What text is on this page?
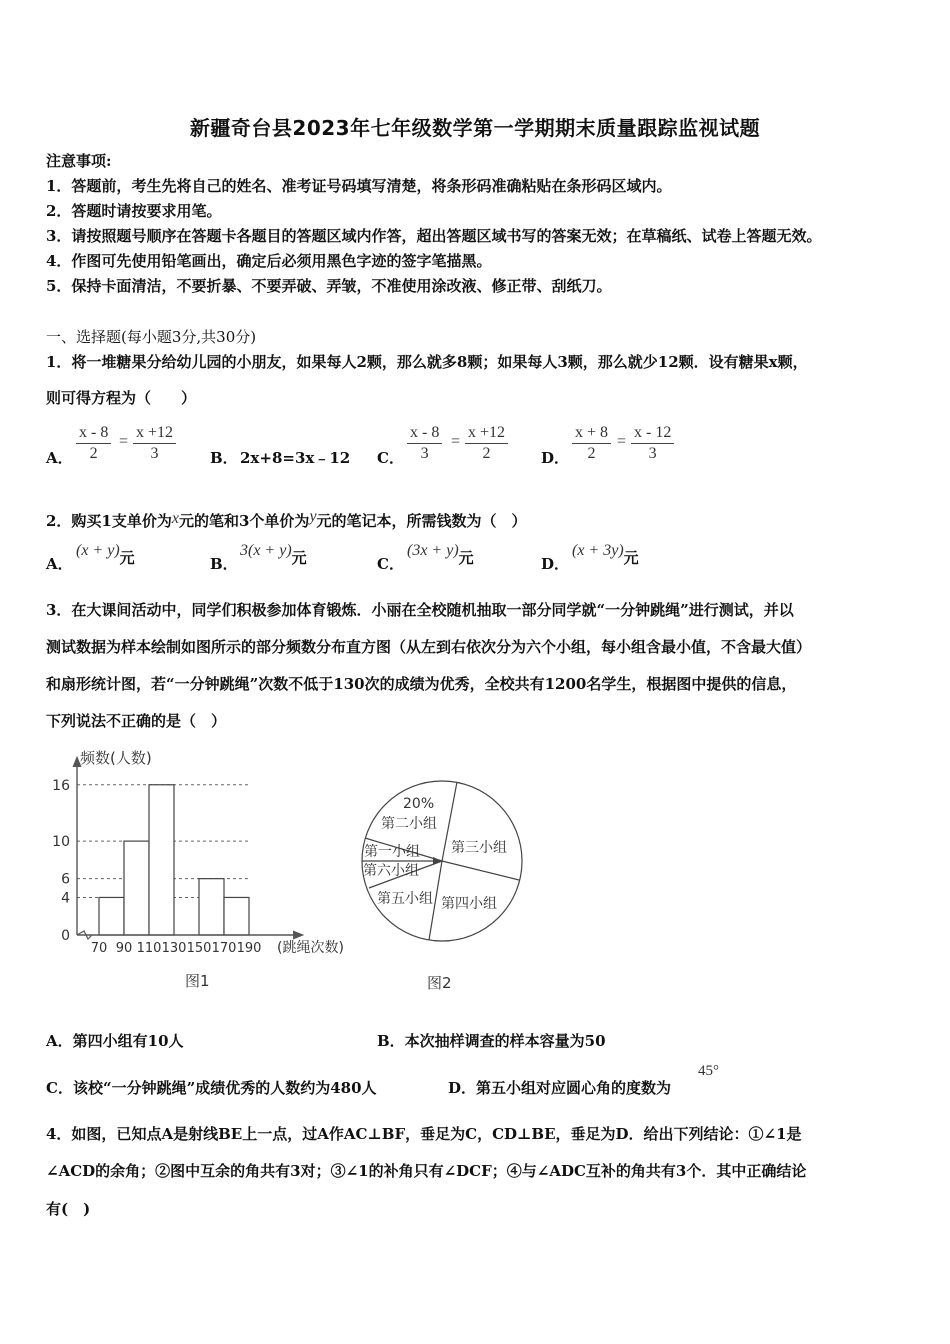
新疆奇台县2023年七年级数学第一学期期末质量跟踪监视试题
注意事项:
1．答题前，考生先将自己的姓名、准考证号码填写清楚，将条形码准确粘贴在条形码区域内。
2．答题时请按要求用笔。
3．请按照题号顺序在答题卡各题目的答题区域内作答，超出答题区域书写的答案无效；在草稿纸、试卷上答题无效。
4．作图可先使用铅笔画出，确定后必须用黑色字迹的签字笔描黑。
5．保持卡面清洁，不要折暴、不要弄破、弄皱，不准使用涂改液、修正带、刮纸刀。
一、选择题(每小题3分,共30分)
1．将一堆糖果分给幼儿园的小朋友，如果每人2颗，那么就多8颗；如果每人3颗，那么就少12颗．设有糖果x颗，
则可得方程为（　　）
A． $\frac{x - 8}{2} = \frac{x +12}{3}$ B． 2x+8=3x﹣12 C． $\frac{x - 8}{3} = \frac{x +12}{2}$ D． $\frac{x + 8}{2} = \frac{x - 12}{3}$
2．购买1支单价为x元的笔和3个单价为y元的笔记本，所需钱数为（　）
A．
(x + y)元	B．
3(x + y)元	C．
(3x + y)元	D．
(x + 3y)元
3．在大课间活动中，同学们积极参加体育锻炼．小丽在全校随机抽取一部分同学就“一分钟跳绳”进行测试，并以
测试数据为样本绘制如图所示的部分频数分布直方图（从左到右依次分为六个小组，每小组含最小值，不含最大值）
和扇形统计图，若“一分钟跳绳”次数不低于130次的成绩为优秀，全校共有1200名学生，根据图中提供的信息，
下列说法不正确的是（　）
频数(人数)
(跳绳次数)
0
4
6
10
16
70 90 110 130 150 170 190
图1
20%
第二小组
第三小组
第四小组
第五小组
第六小组
第一小组
图2
A．第四小组有10人	B．本次抽样调查的样本容量为50
C．该校“一分钟跳绳”成绩优秀的人数约为480人	D．第五小组对应圆心角的度数为
45°
4．如图，已知点A是射线BE上一点，过A作AC⊥BF，垂足为C，CD⊥BE，垂足为D．给出下列结论：①∠1是
∠ACD的余角；②图中互余的角共有3对；③∠1的补角只有∠DCF；④与∠ADC互补的角共有3个．其中正确结论
有(　)
